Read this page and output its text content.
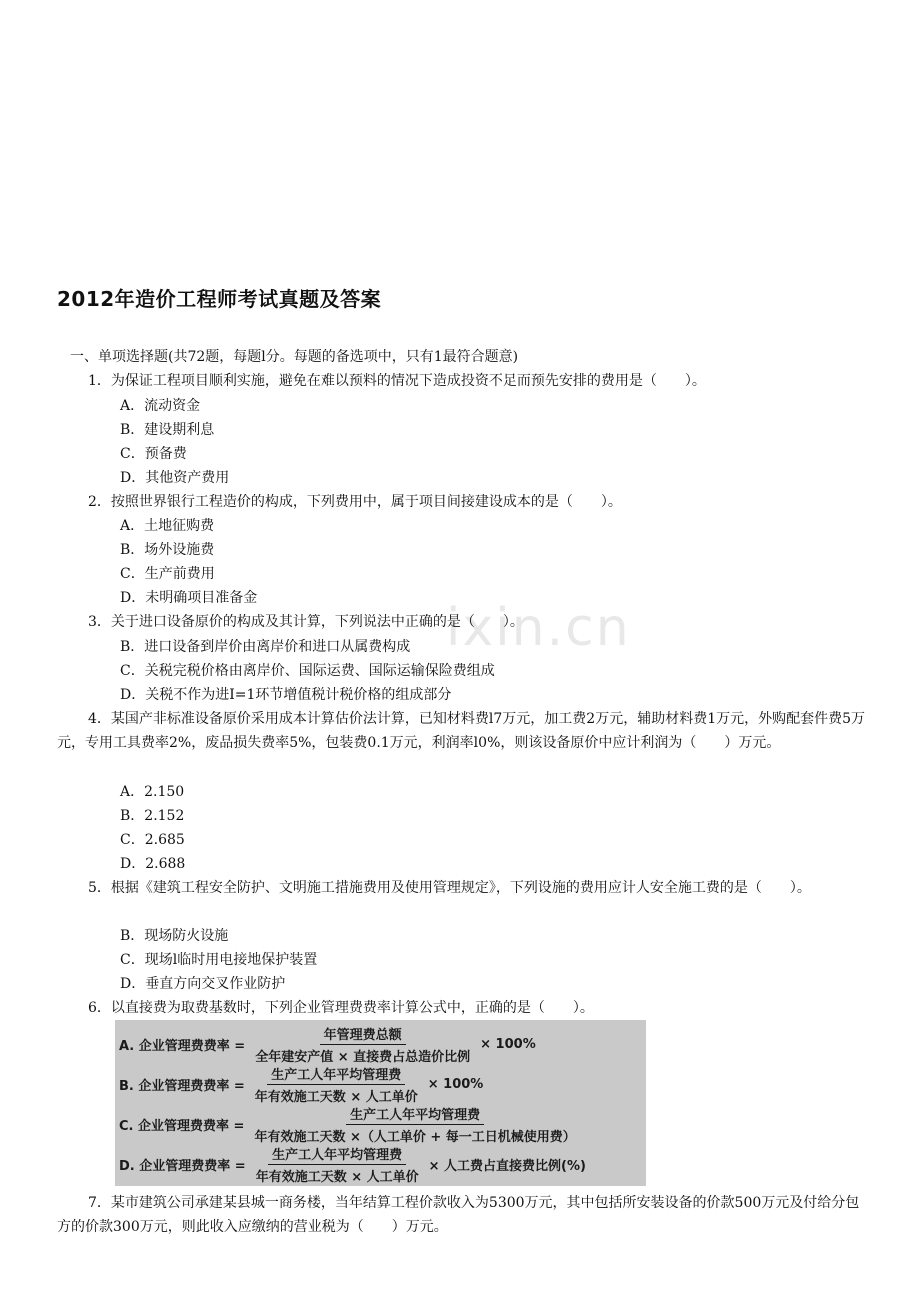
ixin.cn
2012年造价工程师考试真题及答案
一、单项选择题(共72题，每题l分。每题的备选项中，只有1最符合题意)
1．为保证工程项目顺利实施，避免在难以预料的情况下造成投资不足而预先安排的费用是（　　）。
A．流动资金
B．建设期利息
C．预备费
D．其他资产费用
2．按照世界银行工程造价的构成，下列费用中，属于项目间接建设成本的是（　　）。
A．土地征购费
B．场外设施费
C．生产前费用
D．未明确项目准备金
3．关于进口设备原价的构成及其计算，下列说法中正确的是（　　）。
B．进口设备到岸价由离岸价和进口从属费构成
C．关税完税价格由离岸价、国际运费、国际运输保险费组成
D．关税不作为进I=1环节增值税计税价格的组成部分
4．某国产非标准设备原价采用成本计算估价法计算，已知材料费l7万元，加工费2万元，辅助材料费1万元，外购配套件费5万元，专用工具费率2%，废品损失费率5%，包装费0.1万元，利润率l0%，则该设备原价中应计利润为（　　）万元。
A．2.150
B．2.152
C．2.685
D．2.688
5．根据《建筑工程安全防护、文明施工措施费用及使用管理规定》，下列设施的费用应计人安全施工费的是（　　）。
B．现场防火设施
C．现场l临时用电接地保护装置
D．垂直方向交叉作业防护
6．以直接费为取费基数时，下列企业管理费费率计算公式中，正确的是（　　）。
A. 企业管理费费率 = $\frac{\text{年管理费总额}}{\text{全年建安产值 × 直接费占总造价比例}} \times 100\%$
B. 企业管理费费率 = $\frac{\text{生产工人年平均管理费}}{\text{年有效施工天数 × 人工单价}} \times 100\%$
C. 企业管理费费率 = $\frac{\text{生产工人年平均管理费}}{\text{年有效施工天数 ×（人工单价 + 每一工日机械使用费）}}$
D. 企业管理费费率 = $\frac{\text{生产工人年平均管理费}}{\text{年有效施工天数 × 人工单价}}$ × 人工费占直接费比例(%)
7．某市建筑公司承建某县城一商务楼，当年结算工程价款收入为5300万元，其中包括所安装设备的价款500万元及付给分包方的价款300万元，则此收入应缴纳的营业税为（　　）万元。
